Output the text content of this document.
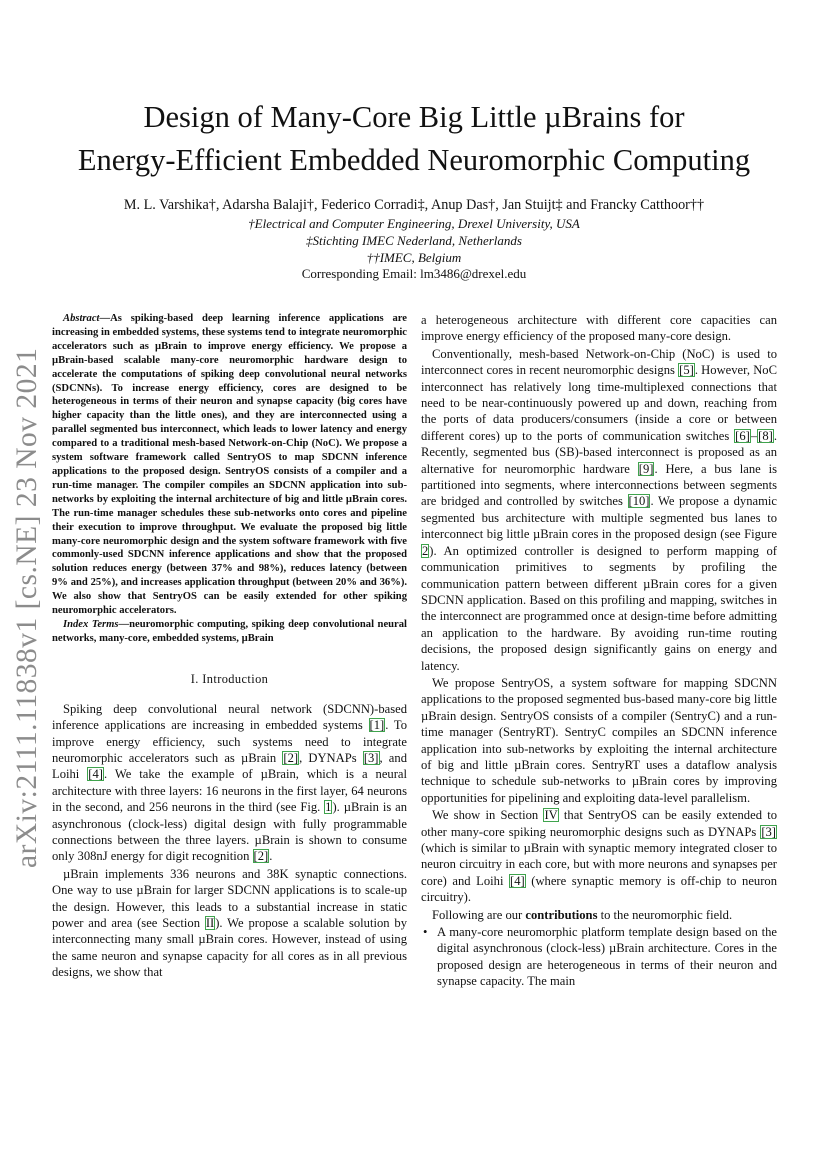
Design of Many-Core Big Little µBrains for
Energy-Efficient Embedded Neuromorphic Computing
M. L. Varshika†, Adarsha Balaji†, Federico Corradi‡, Anup Das†, Jan Stuijt‡ and Francky Catthoor††
†Electrical and Computer Engineering, Drexel University, USA
‡Stichting IMEC Nederland, Netherlands
††IMEC, Belgium
Corresponding Email: lm3486@drexel.edu
arXiv:2111.11838v1 [cs.NE] 23 Nov 2021

Abstract—As spiking-based deep learning inference applications are increasing in embedded systems, these systems tend to integrate neuromorphic accelerators such as µBrain to improve energy efficiency. We propose a µBrain-based scalable many-core neuromorphic hardware design to accelerate the computations of spiking deep convolutional neural networks (SDCNNs). To increase energy efficiency, cores are designed to be heterogeneous in terms of their neuron and synapse capacity (big cores have higher capacity than the little ones), and they are interconnected using a parallel segmented bus interconnect, which leads to lower latency and energy compared to a traditional mesh-based Network-on-Chip (NoC). We propose a system software framework called SentryOS to map SDCNN inference applications to the proposed design. SentryOS consists of a compiler and a run-time manager. The compiler compiles an SDCNN application into sub-networks by exploiting the internal architecture of big and little µBrain cores. The run-time manager schedules these sub-networks onto cores and pipeline their execution to improve throughput. We evaluate the proposed big little many-core neuromorphic design and the system software framework with five commonly-used SDCNN inference applications and show that the proposed solution reduces energy (between 37% and 98%), reduces latency (between 9% and 25%), and increases application throughput (between 20% and 36%). We also show that SentryOS can be easily extended for other spiking neuromorphic accelerators.

Index Terms—neuromorphic computing, spiking deep convolutional neural networks, many-core, embedded systems, µBrain

I. Introduction

Spiking deep convolutional neural network (SDCNN)-based inference applications are increasing in embedded systems [1]. To improve energy efficiency, such systems need to integrate neuromorphic accelerators such as µBrain [2], DYNAPs [3], and Loihi [4]. We take the example of µBrain, which is a neural architecture with three layers: 16 neurons in the first layer, 64 neurons in the second, and 256 neurons in the third (see Fig. 1). µBrain is an asynchronous (clock-less) digital design with fully programmable connections between the three layers. µBrain is shown to consume only 308nJ energy for digit recognition [2].

µBrain implements 336 neurons and 38K synaptic connections. One way to use µBrain for larger SDCNN applications is to scale-up the design. However, this leads to a substantial increase in static power and area (see Section II). We propose a scalable solution by interconnecting many small µBrain cores. However, instead of using the same neuron and synapse capacity for all cores as in all previous designs, we show that

a heterogeneous architecture with different core capacities can improve energy efficiency of the proposed many-core design.

Conventionally, mesh-based Network-on-Chip (NoC) is used to interconnect cores in recent neuromorphic designs [5]. However, NoC interconnect has relatively long time-multiplexed connections that need to be near-continuously powered up and down, reaching from the ports of data producers/consumers (inside a core or between different cores) up to the ports of communication switches [6]–[8]. Recently, segmented bus (SB)-based interconnect is proposed as an alternative for neuromorphic hardware [9]. Here, a bus lane is partitioned into segments, where interconnections between segments are bridged and controlled by switches [10]. We propose a dynamic segmented bus architecture with multiple segmented bus lanes to interconnect big little µBrain cores in the proposed design (see Figure 2). An optimized controller is designed to perform mapping of communication primitives to segments by profiling the communication pattern between different µBrain cores for a given SDCNN application. Based on this profiling and mapping, switches in the interconnect are programmed once at design-time before admitting an application to the hardware. By avoiding run-time routing decisions, the proposed design significantly gains on energy and latency.

We propose SentryOS, a system software for mapping SDCNN applications to the proposed segmented bus-based many-core big little µBrain design. SentryOS consists of a compiler (SentryC) and a run-time manager (SentryRT). SentryC compiles an SDCNN inference application into sub-networks by exploiting the internal architecture of big and little µBrain cores. SentryRT uses a dataflow analysis technique to schedule sub-networks to µBrain cores by improving opportunities for pipelining and exploiting data-level parallelism.

We show in Section IV that SentryOS can be easily extended to other many-core spiking neuromorphic designs such as DYNAPs [3] (which is similar to µBrain with synaptic memory integrated closer to neuron circuitry in each core, but with more neurons and synapses per core) and Loihi [4] (where synaptic memory is off-chip to neuron circuitry).

Following are our contributions to the neuromorphic field.

• A many-core neuromorphic platform template design based on the digital asynchronous (clock-less) µBrain architecture. Cores in the proposed design are heterogeneous in terms of their neuron and synapse capacity. The main
